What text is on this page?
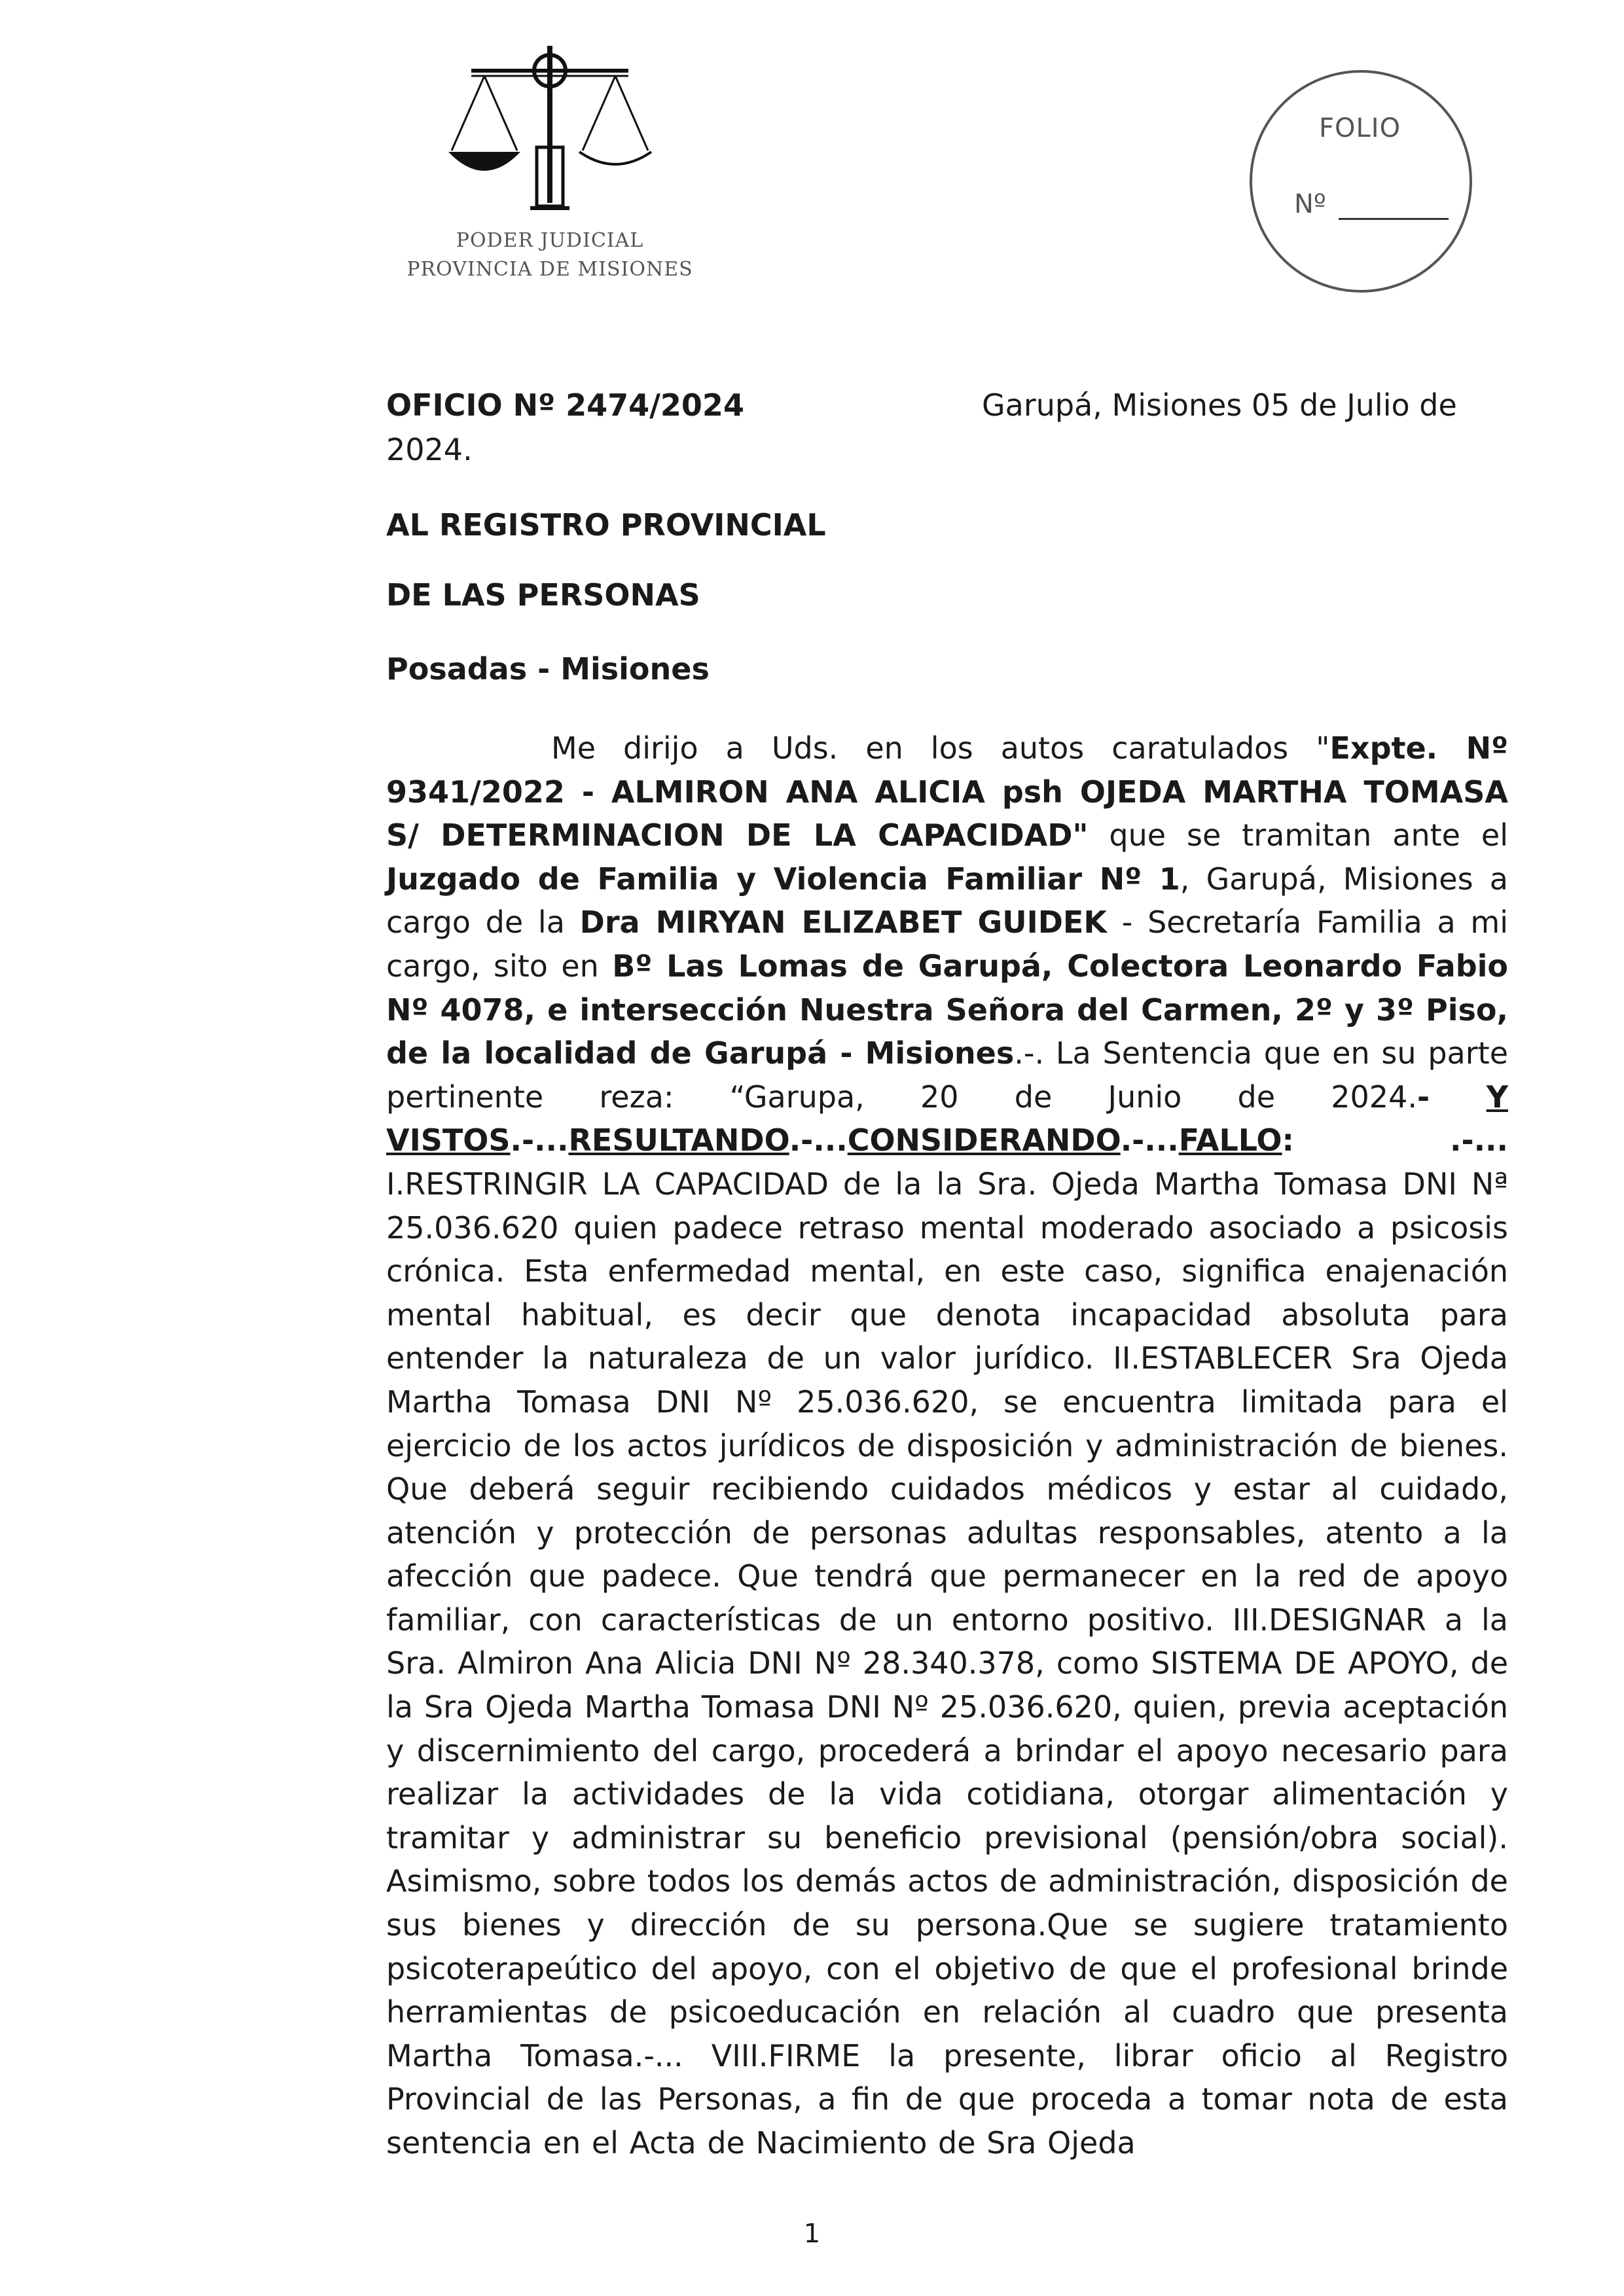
PODER JUDICIAL
PROVINCIA DE MISIONES
FOLIO
Nº
OFICIO Nº 2474/2024	Garupá, Misiones 05 de Julio de
2024.
AL REGISTRO PROVINCIAL
DE LAS PERSONAS
Posadas - Misiones

Me dirijo a Uds. en los autos caratulados "Expte. Nº 9341/2022 - ALMIRON ANA ALICIA psh OJEDA MARTHA TOMASA S/ DETERMINACION DE LA CAPACIDAD" que se tramitan ante el Juzgado de Familia y Violencia Familiar Nº 1, Garupá, Misiones a cargo de la Dra MIRYAN ELIZABET GUIDEK - Secretaría Familia a mi cargo, sito en Bº Las Lomas de Garupá, Colectora Leonardo Fabio Nº 4078, e intersección Nuestra Señora del Carmen, 2º y 3º Piso, de la localidad de Garupá - Misiones.-. La Sentencia que en su parte pertinente reza: “Garupa, 20 de Junio de 2024.- Y VISTOS.-...RESULTANDO.-...CONSIDERANDO.-...FALLO: .-... I.RESTRINGIR LA CAPACIDAD de la la Sra. Ojeda Martha Tomasa DNI Nª 25.036.620 quien padece retraso mental moderado asociado a psicosis crónica. Esta enfermedad mental, en este caso, significa enajenación mental habitual, es decir que denota incapacidad absoluta para entender la naturaleza de un valor jurídico. II.ESTABLECER Sra Ojeda Martha Tomasa DNI Nº 25.036.620, se encuentra limitada para el ejercicio de los actos jurídicos de disposición y administración de bienes. Que deberá seguir recibiendo cuidados médicos y estar al cuidado, atención y protección de personas adultas responsables, atento a la afección que padece. Que tendrá que permanecer en la red de apoyo familiar, con características de un entorno positivo. III.DESIGNAR a la Sra. Almiron Ana Alicia DNI Nº 28.340.378, como SISTEMA DE APOYO, de la Sra Ojeda Martha Tomasa DNI Nº 25.036.620, quien, previa aceptación y discernimiento del cargo, procederá a brindar el apoyo necesario para realizar la actividades de la vida cotidiana, otorgar alimentación y tramitar y administrar su beneficio previsional (pensión/obra social). Asimismo, sobre todos los demás actos de administración, disposición de sus bienes y dirección de su persona.Que se sugiere tratamiento psicoterapeútico del apoyo, con el objetivo de que el profesional brinde herramientas de psicoeducación en relación al cuadro que presenta Martha Tomasa.-... VIII.FIRME la presente, librar oficio al Registro Provincial de las Personas, a fin de que proceda a tomar nota de esta sentencia en el Acta de Nacimiento de Sra Ojeda

1
